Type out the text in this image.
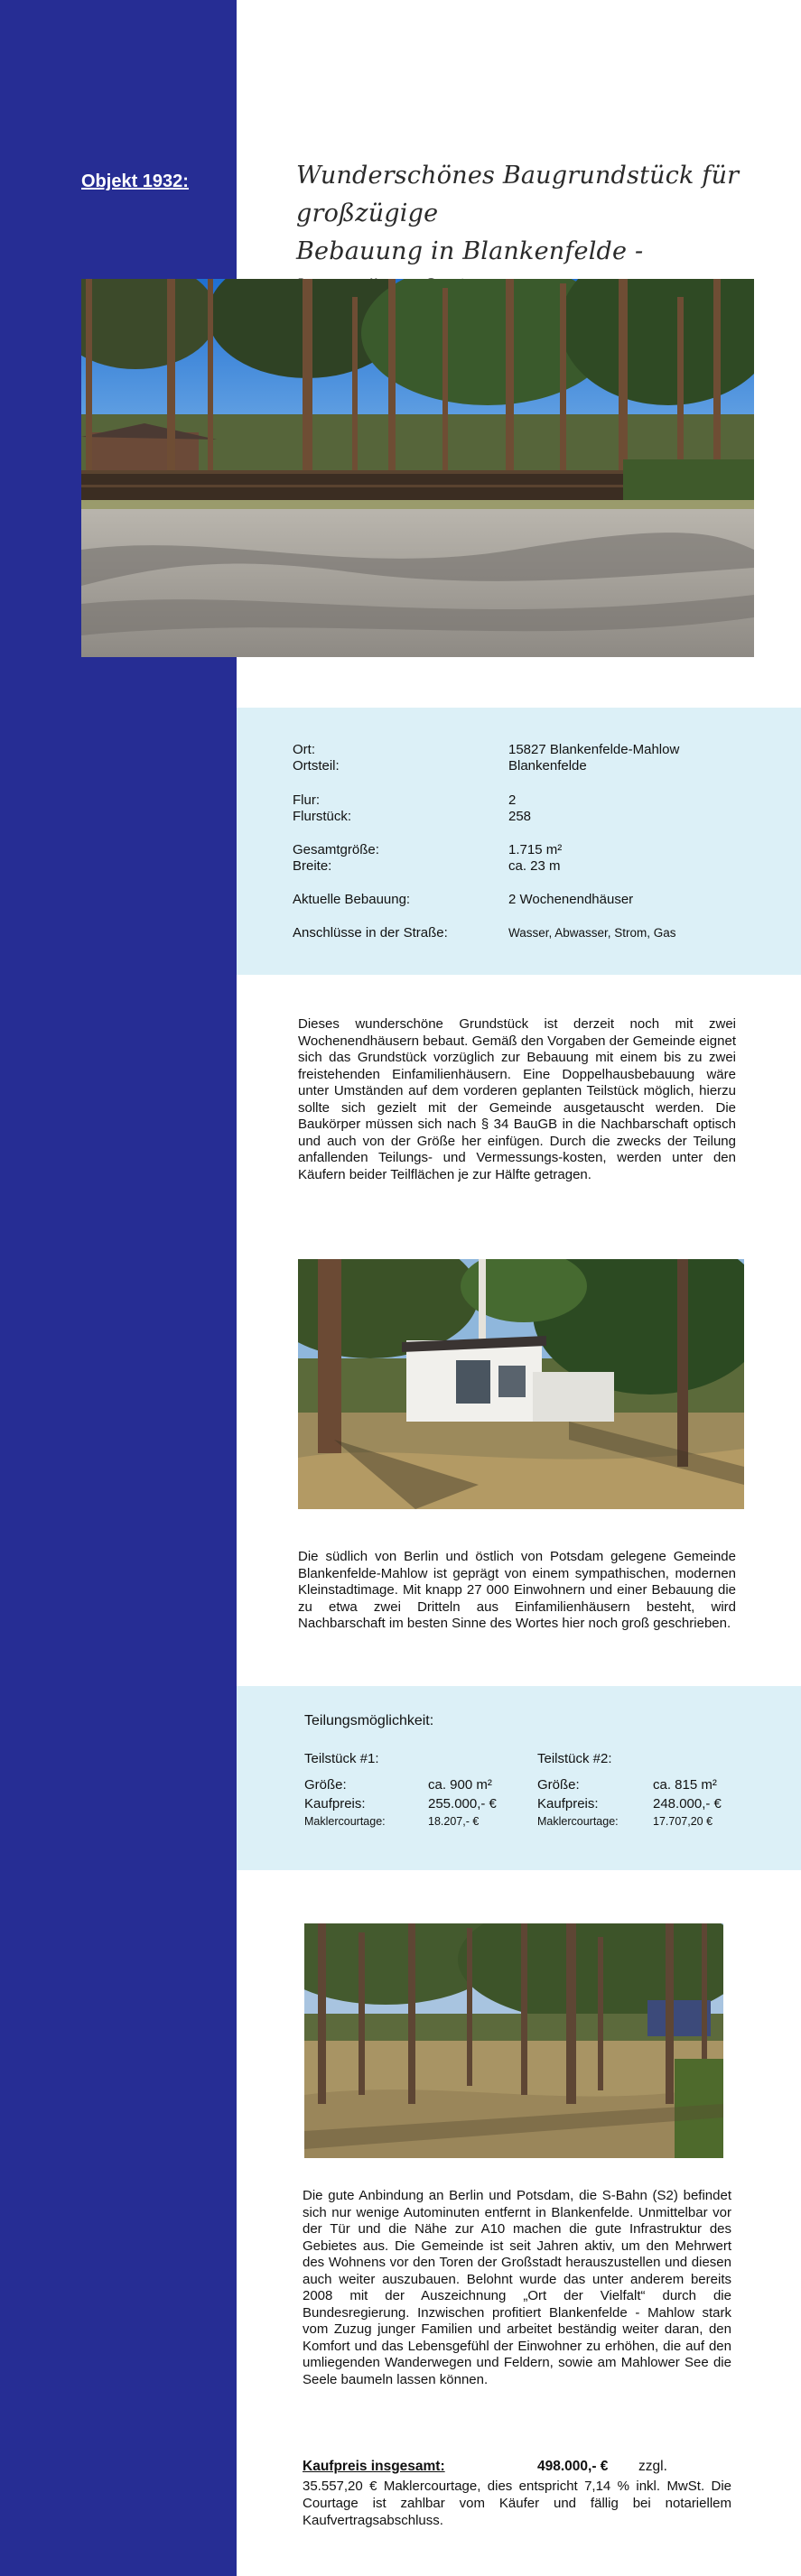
Objekt 1932:	Wunderschönes Baugrundstück für großzügige
Bebauung in Blankenfelde -
Ort:	15827 Blankenfelde-Mahlow
Ortsteil:	Blankenfelde
Flur:	2
Flurstück:	258
Gesamtgröße:	1.715 m²
Breite:	ca. 23 m
Aktuelle Bebauung:	2 Wochenendhäuser
Anschlüsse in der Straße:	Wasser, Abwasser, Strom, Gas
Dieses wunderschöne Grundstück ist derzeit noch mit zwei Wochenendhäusern bebaut. Gemäß den Vorgaben der Gemeinde eignet sich das Grundstück vorzüglich zur Bebauung mit einem bis zu zwei freistehenden Einfamilienhäusern. Eine Doppelhausbebauung wäre unter Umständen auf dem vorderen geplanten Teilstück möglich, hierzu sollte sich gezielt mit der Gemeinde ausgetauscht werden. Die Baukörper müssen sich nach § 34 BauGB in die Nachbarschaft optisch und auch von der Größe her einfügen. Durch die zwecks der Teilung anfallenden Teilungs- und Vermessungs-kosten, werden unter den Käufern beider Teilflächen je zur Hälfte getragen.
Die südlich von Berlin und östlich von Potsdam gelegene Gemeinde Blankenfelde-Mahlow ist geprägt von einem sympathischen, modernen Kleinstadtimage. Mit knapp 27 000 Einwohnern und einer Bebauung die zu etwa zwei Dritteln aus Einfamilienhäusern besteht, wird Nachbarschaft im besten Sinne des Wortes hier noch groß geschrieben.
Teilungsmöglichkeit:
Teilstück #1:
Größe:	ca. 900 m²
Kaufpreis:	255.000,- €
Maklercourtage:	18.207,- €
Teilstück #2:
Größe:	ca. 815 m²
Kaufpreis:	248.000,- €
Maklercourtage:	17.707,20 €
Die gute Anbindung an Berlin und Potsdam, die S-Bahn (S2) befindet sich nur wenige Autominuten entfernt in Blankenfelde. Unmittelbar vor der Tür und die Nähe zur A10 machen die gute Infrastruktur des Gebietes aus. Die Gemeinde ist seit Jahren aktiv, um den Mehrwert des Wohnens vor den Toren der Großstadt herauszustellen und diesen auch weiter auszubauen. Belohnt wurde das unter anderem bereits 2008 mit der Auszeichnung „Ort der Vielfalt“ durch die Bundesregierung. Inzwischen profitiert Blankenfelde - Mahlow stark vom Zuzug junger Familien und arbeitet beständig weiter daran, den Komfort und das Lebensgefühl der Einwohner zu erhöhen, die auf den umliegenden Wanderwegen und Feldern, sowie am Mahlower See die Seele baumeln lassen können.
Kaufpreis insgesamt:	498.000,- € zzgl.
35.557,20 € Maklercourtage, dies entspricht 7,14 % inkl. MwSt. Die Courtage ist zahlbar vom Käufer und fällig bei notariellem Kaufvertragsabschluss.
